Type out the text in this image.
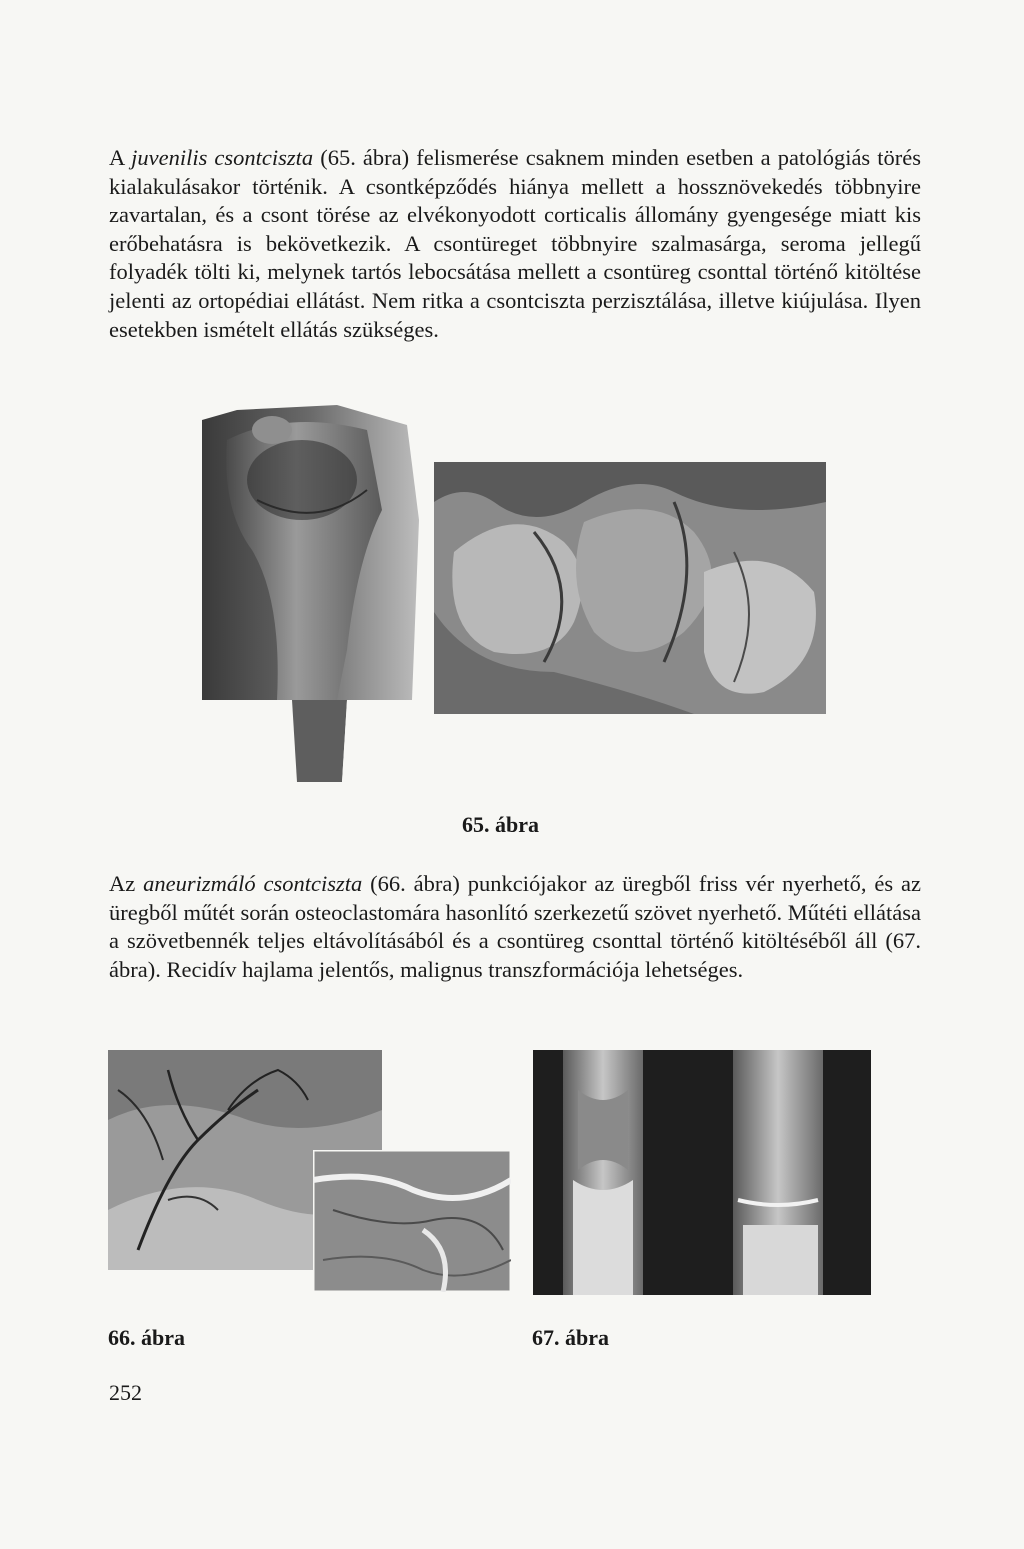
A juvenilis csontciszta (65. ábra) felismerése csaknem minden esetben a patológiás törés kialakulásakor történik. A csontképződés hiánya mellett a hossznövekedés többnyire zavartalan, és a csont törése az elvékonyodott corticalis állomány gyengesége miatt kis erőbehatásra is bekövetkezik. A csontüreget többnyire szalmasárga, seroma jellegű folyadék tölti ki, melynek tartós lebocsátása mellett a csontüreg csonttal történő kitöltése jelenti az ortopédiai ellátást. Nem ritka a csontciszta perzisztálása, illetve kiújulása. Ilyen esetekben ismételt ellátás szükséges.

65. ábra

Az aneurizmáló csontciszta (66. ábra) punkciójakor az üregből friss vér nyerhető, és az üregből műtét során osteoclastomára hasonlító szerkezetű szövet nyerhető. Műtéti ellátása a szövetbennék teljes eltávolításából és a csontüreg csonttal történő kitöltéséből áll (67. ábra). Recidív hajlama jelentős, malignus transzformációja lehetséges.

66. ábra	67. ábra

252
